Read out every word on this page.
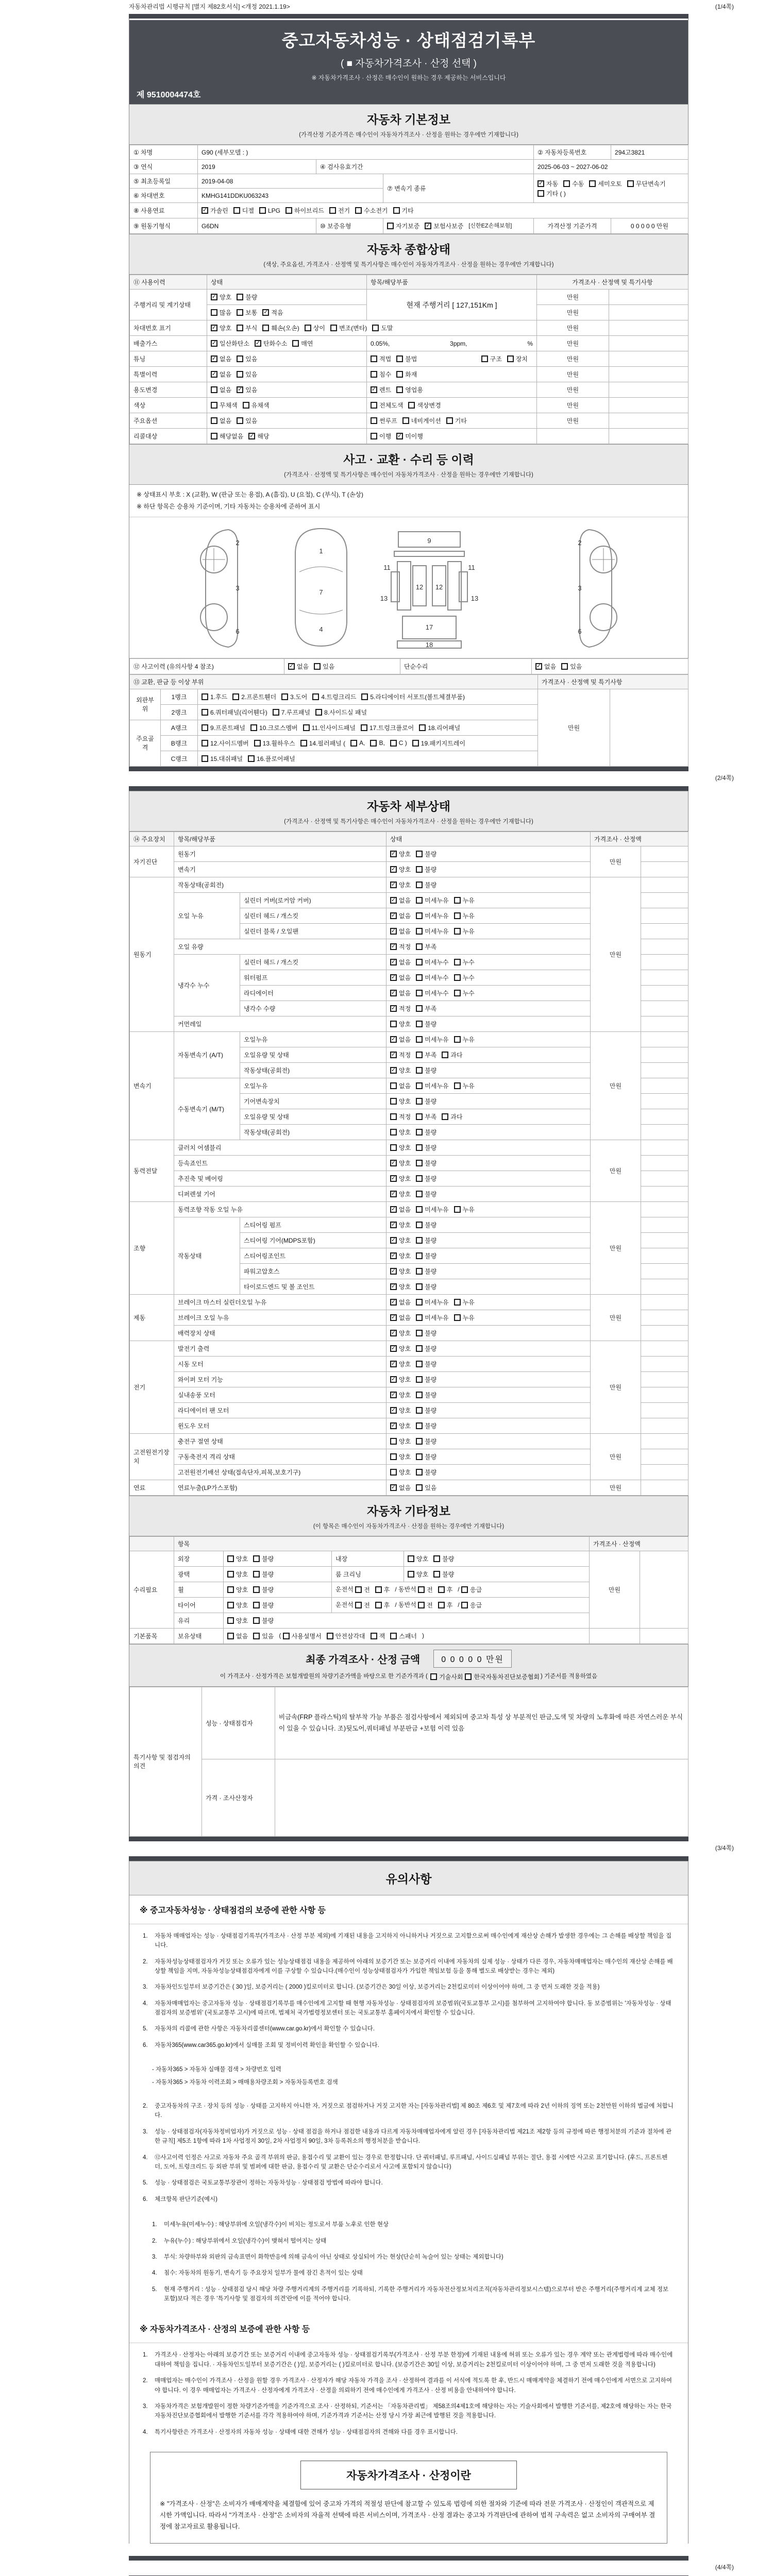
자동차관리법 시행규칙 [별지 제82호서식] <개정 2021.1.19>	(1/4쪽)
중고자동차성능 · 상태점검기록부
( ■ 자동차가격조사 · 산정 선택 )
※ 자동차가격조사 · 산정은 매수인이 원하는 경우 제공하는 서비스입니다
제 9510004474호
자동차 기본정보
(가격산정 기준가격은 매수인이 자동차가격조사 · 산정을 원하는 경우에만 기재합니다)
① 차명	G90 (세부모델 : )			② 자동차등록번호	294고3821
③ 연식	2019	④ 검사유효기간		2025-06-03 ~ 2027-06-02	
⑤ 최초등록일	2019-04-08	⑦ 변속기 종류	
✓ 자동 수동 세미오토 무단변속기
기타 ( )

⑥ 차대번호	KMHG141DDKU063243				
⑧ 사용연료	✓ 가솔린 디젤 LPG 하이브리드 전기 수소전기 기타

⑨ 원동기형식	G6DN	⑩ 보증유형	자기보증 ✓ 보험사보증 [신한EZ손해보험]	가격산정 기준가격	0 0 0 0 0 만원
자동차 종합상태
(색상, 주요옵션, 가격조사 · 산정액 및 특기사항은 매수인이 자동차가격조사 · 산정을 원하는 경우에만 기재합니다)
⑪ 사용이력	상태	항목/해당부품	가격조사 · 산정액 및 특기사항	
주행거리 및 계기상태	✓ 양호 불량	현재 주행거리 [ 127,151Km ]	만원	

	많음 보통 ✓ 적음		만원	
차대번호 표기	✓ 양호 부식 훼손(오손) 상이 변조(변타) 도말	만원	
배출가스	✓ 일산화탄소 ✓ 탄화수소 매연	0.05%, 3ppm, %	만원	
튜닝	✓ 없음 있음	적법 불법 구조 장치	만원	
특별이력	✓ 없음 있음	침수 화재	만원	
용도변경	없음 ✓ 있음	✓ 렌트 영업용	만원	
색상	무채색 유채색	전체도색 색상변경	만원	
주요옵션	없음 있음	썬루프 네비게이션 기타	만원	
리콜대상	해당없음 ✓ 해당	이행 ✓ 미이행		

사고 · 교환 · 수리 등 이력
(가격조사 · 산정액 및 특기사항은 매수인이 자동차가격조사 · 산정을 원하는 경우에만 기재합니다)
※ 상태표시 부호 : X (교환), W (판금 또는 용접), A (흠집), U (요철), C (부식), T (손상)
※ 하단 항목은 승용차 기준이며, 기타 자동차는 승용차에 준하여 표시
2
3
6
1
7
4
9
11	11
13
12 12
13
17
18
2
3
6
⑫ 사고이력 (유의사항 4 참조)	✓ 없음 있음	단순수리	✓ 없음 있음
⑬ 교환, 판금 등 이상 부위			가격조사 · 산정액 및 특기사항	
외판부위	1랭크	1.후드 2.프론트휀더 3.도어 4.트렁크리드 5.라디에이터 서포트(볼트체결부품)	만원	
	2랭크	6.쿼터패널(리어휀다) 7.루프패널 8.사이드실 패널		

주요골격	A랭크	9.프론트패널 10.크로스멤버 11.인사이드패널 17.트렁크플로어 18.리어패널		

B랭크	12.사이드멤버 13.휠하우스 14.필러패널 ( A, B, C ) 19.패키지트레이

	C랭크	15.대쉬패널 16.플로어패널		
(2/4쪽)
자동차 세부상태
(가격조사 · 산정액 및 특기사항은 매수인이 자동차가격조사 · 산정을 원하는 경우에만 기재합니다)
⑭ 주요장치	항목/해당부품		상태	가격조사 · 산정액	
자기진단	원동기		✓ 양호 불량	만원	
	변속기		✓ 양호 불량		

원동기	작동상태(공회전)		✓ 양호 불량	만원	
	오일 누유	실린더 커버(로커암 커버)	✓ 없음 미세누유 누유		

		실린더 헤드 / 개스킷	✓ 없음 미세누유 누유		

		실린더 블록 / 오일팬	✓ 없음 미세누유 누유		

	오일 유량		✓ 적정 부족		

	냉각수 누수	실린더 헤드 / 개스킷	✓ 없음 미세누수 누수		

		워터펌프	✓ 없음 미세누수 누수		

		라디에이터	✓ 없음 미세누수 누수		

		냉각수 수량	✓ 적정 부족		

	커먼레일		양호 불량		

변속기	자동변속기 (A/T)	오일누유	✓ 없음 미세누유 누유	만원	
		오일유량 및 상태	✓ 적정 부족 과다		

		작동상태(공회전)	✓ 양호 불량		

	수동변속기 (M/T)	오일누유	없음 미세누유 누유		

		기어변속장치	양호 불량		

		오일유량 및 상태	적정 부족 과다		

		작동상태(공회전)	양호 불량		

동력전달	클러치 어셈블리		양호 불량	만원	
	등속죠인트		✓ 양호 불량		

	추진축 및 베어링		✓ 양호 불량		

	디퍼렌셜 기어		✓ 양호 불량		

조향	동력조향 작동 오일 누유		✓ 없음 미세누유 누유	만원	
	작동상태	스티어링 펌프	✓ 양호 불량		

		스티어링 기어(MDPS포함)	✓ 양호 불량		

		스티어링조인트	✓ 양호 불량		

		파워고압호스	✓ 양호 불량		

		타이로드엔드 및 볼 조인트	✓ 양호 불량		

제동	브레이크 마스터 실린더오일 누유		✓ 없음 미세누유 누유	만원	
	브레이크 오일 누유		✓ 없음 미세누유 누유		

	배력장치 상태		✓ 양호 불량		

전기	발전기 출력		✓ 양호 불량	만원	
	시동 모터		✓ 양호 불량		

	와이퍼 모터 기능		✓ 양호 불량		

	실내송풍 모터		✓ 양호 불량		

	라디에이터 팬 모터		✓ 양호 불량		

	윈도우 모터		✓ 양호 불량		

고전원전기장치	충전구 절연 상태		양호 불량	만원	
	구동축전지 격리 상태		양호 불량		

	고전원전기배선 상태(접속단자,피복,보호기구)		양호 불량		

연료	연료누출(LP가스포함)		✓ 없음 있음	만원	
자동차 기타정보
(이 항목은 매수인이 자동차가격조사 · 산정을 원하는 경우에만 기재합니다)
	항목				가격조사 · 산정액	
수리필요	외장	양호 불량	내장	양호 불량	만원	
	광택	양호 불량	룸 크리닝	양호 불량		

휠	양호 불량	운전석 전 후 / 동반석 전 후 / 응급

타이어	양호 불량	운전석 전 후 / 동반석 전 후 / 응급

	유리	양호 불량				

기본품목	보유상태	없음 있음 ( 사용설명서 안전삼각대 잭 스패너 )		
최종 가격조사 · 산정 금액	0 0 0 0 0 만원
이 가격조사 · 산정가격은 보험개발원의 차량기준가액을 바탕으로 한 기준가격과 ( 기술사회 한국자동차진단보증협회 ) 기준서를 적용하였음
특기사항 및 점검자의 의견	성능 · 상태점검자	비금속(FRP 플라스틱)의 탈부착 가능 부품은 점검사항에서 제외되며 중고차 특성 상 부분적인 판금,도색 및 차량의 노후화에 따른 자연스러운 부식이 있을 수 있습니다. 조)뒷도어,쿼터패널 부분판금 +보험 이력 있음
	가격 · 조사산정자	
(3/4쪽)
유의사항
※ 중고자동차성능 · 상태점검의 보증에 관한 사항 등
1.	자동차 매매업자는 성능 · 상태점검기록부(가격조사 · 산정 부분 제외)에 기재된 내용을 고지하지 아니하거나 거짓으로 고지함으로써 매수인에게 재산상 손해가 발생한 경우에는 그 손해를 배상할 책임을 집니다.
2.	자동차성능상태점검자가 거짓 또는 오류가 있는 성능상태점검 내용을 제공하여 아래의 보증기간 또는 보증거리 이내에 자동차의 실제 성능 · 상태가 다른 경우, 자동차매매업자는 매수인의 재산상 손해를 배상할 책임을 지며, 자동차성능상태점검자에게 이를 구상할 수 있습니다.(매수인이 성능상태점검자가 가입한 책임보험 등을 통해 별도로 배상받는 경우는 제외)
3.	자동차인도일부터 보증기간은 ( 30 )일, 보증거리는 ( 2000 )킬로미터로 합니다. (보증기간은 30일 이상, 보증거리는 2천킬로미터 이상이어야 하며, 그 중 먼저 도래한 것을 적용)
4.	자동차매매업자는 중고자동차 성능 · 상태점검기록부를 매수인에게 고지할 때 현행 자동차성능 · 상태점검자의 보증범위(국토교통부 고시)를 첨부하여 고지하여야 합니다. 동 보증범위는 '자동차성능 · 상태점검자의 보증범위' (국토교통부 고시)에 따르며, 법제처 국가법령정보센터 또는 국토교통부 홈페이지에서 확인할 수 있습니다.
5.	자동차의 리콜에 관한 사항은 자동차리콜센터(www.car.go.kr)에서 확인할 수 있습니다.
6.	자동차365(www.car365.go.kr)에서 실매물 조회 및 정비이력 확인을 확인할 수 있습니다.
- 자동차365 > 자동차 실매물 검색 > 차량번호 입력
- 자동차365 > 자동차 이력조회 > 매매용차량조회 > 자동차등록번호 검색
2.	중고자동차의 구조 · 장치 등의 성능 · 상태를 고지하지 아니한 자, 거짓으로 점검하거나 거짓 고지한 자는 [자동차관리법] 제 80조 제6호 및 제7호에 따라 2년 이하의 징역 또는 2천만원 이하의 벌금에 처합니다.
3.	성능 · 상태점검자(자동차정비업자)가 거짓으로 성능 · 상태 점검을 하거나 점검한 내용과 다르게 자동차매매업자에게 알린 경우 [자동차관리법 제21조 제2항 등의 규정에 따른 행정처분의 기준과 절차에 관한 규칙] 제5조 1항에 따라 1차 사업정지 30일, 2차 사업정지 90일, 3차 등록취소의 행정처분을 받습니다.
4.	⑫사고이력 인정은 사고로 자동차 주요 골격 부위의 판금, 용접수리 및 교환이 있는 경우로 한정합니다. 단 쿼터패널, 루프패널, 사이드실패널 부위는 절단, 용접 시에만 사고로 표기합니다. (후드, 프론트펜더, 도어, 트렁크리드 등 외판 부위 및 범퍼에 대한 판금, 용접수리 및 교환은 단순수리로서 사고에 포함되지 않습니다)
5.	성능 · 상태점검은 국토교통부장관이 정하는 자동차성능 · 상태점검 방법에 따라야 합니다.
6.	체크항목 판단기준(예시)
1.	미세누유(미세누수) : 해당부위에 오일(냉각수)이 비치는 정도로서 부품 노후로 인한 현상
2.	누유(누수) : 해당부위에서 오일(냉각수)이 맺혀서 떨어지는 상태
3.	부식: 차량하부와 외판의 금속표면이 화학반응에 의해 금속이 아닌 상태로 상실되어 가는 현상(단순히 녹슬어 있는 상태는 제외합니다)
4.	침수: 자동차의 원동기, 변속기 등 주요장치 일부가 물에 잠긴 흔적이 있는 상태
5.	현재 주행거리 : 성능 · 상태점검 당시 해당 차량 주행거리계의 주행거리를 기록하되, 기록한 주행거리가 자동차전산정보처리조직(자동차관리정보시스템)으로부터 받은 주행거리(주행거리계 교체 정보 포함)보다 적은 경우 '특기사항 및 점검자의 의견'란에 이를 적어야 합니다.
※ 자동차가격조사 · 산정의 보증에 관한 사항 등
1.	가격조사 · 산정자는 아래의 보증기간 또는 보증거리 이내에 중고자동차 성능 · 상태점검기록부(가격조사 · 산정 부분 한정)에 기재된 내용에 허위 또는 오류가 있는 경우 계약 또는 관계법령에 따라 매수인에 대하여 책임을 집니다. · 자동차인도일부터 보증기간은 ( )일, 보증거리는 ( )킬로미터로 합니다. (보증기간은 30일 이상, 보증거리는 2천킬로미터 이상이어야 하며, 그 중 먼저 도래한 것을 적용합니다)
2.	매매업자는 매수인이 가격조사 · 산정을 원할 경우 가격조사 · 산정자가 해당 자동차 가격을 조사 · 산정하여 결과를 이 서식에 적도록 한 후, 반드시 매매계약을 체결하기 전에 매수인에게 서면으로 고지하여야 합니다. 이 경우 매매업자는 가격조사 · 산정자에게 가격조사 · 산정을 의뢰하기 전에 매수인에게 가격조사 · 산정 비용을 안내하여야 합니다.
3.	자동차가격은 보험개발원이 정한 차량기준가액을 기준가격으로 조사 · 산정하되, 기준서는 「자동차관리법」 제58조의4제1호에 해당하는 자는 기술사회에서 발행한 기준서를, 제2호에 해당하는 자는 한국자동차진단보증협회에서 발행한 기준서를 각각 적용하여야 하며, 기준가격과 기준서는 산정 당시 가장 최근에 발행된 것을 적용합니다.
4.	특기사항란은 가격조사 · 산정자의 자동차 성능 · 상태에 대한 견해가 성능 · 상태점검자의 견해와 다를 경우 표시합니다.
자동차가격조사 · 산정이란
※ "가격조사 · 산정"은 소비자가 매매계약을 체결함에 있어 중고차 가격의 적절성 판단에 참고할 수 있도록 법령에 의한 절차와 기준에 따라 전문 가격조사 · 산정인이 객관적으로 제시한 가액입니다. 따라서 "가격조사 · 산정"은 소비자의 자율적 선택에 따른 서비스이며, 가격조사 · 산정 결과는 중고차 가격판단에 관하여 법적 구속력은 없고 소비자의 구매여부 결정에 참고자료로 활용됩니다.
(4/4쪽)
